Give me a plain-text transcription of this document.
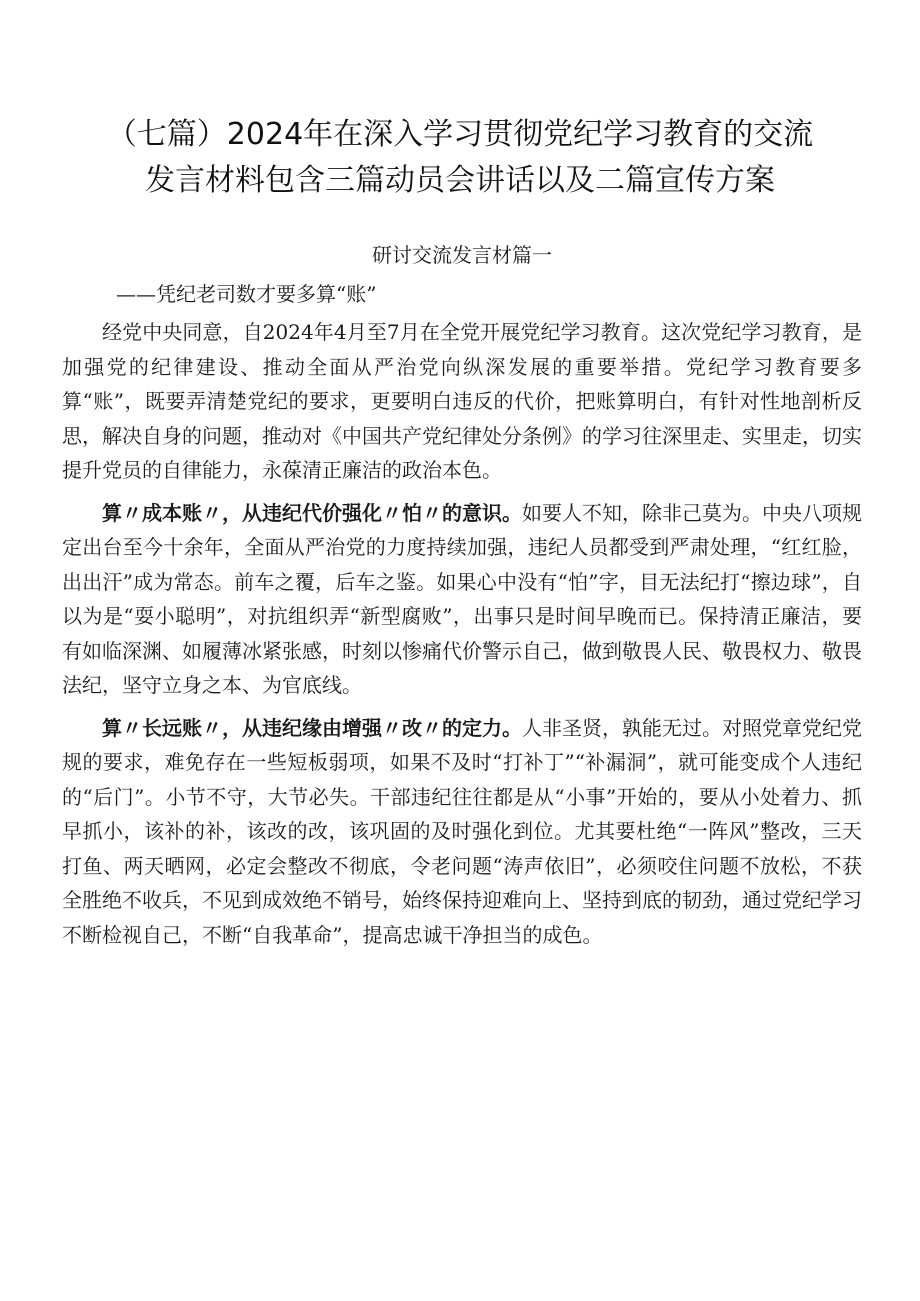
（七篇）2024年在深入学习贯彻党纪学习教育的交流
发言材料包含三篇动员会讲话以及二篇宣传方案
研讨交流发言材篇一
——凭纪老司数才要多算“账”

经党中央同意，自2024年4月至7月在全党开展党纪学习教育。这次党纪学习教育，是加强党的纪律建设、推动全面从严治党向纵深发展的重要举措。党纪学习教育要多算“账”，既要弄清楚党纪的要求，更要明白违反的代价，把账算明白，有针对性地剖析反思，解决自身的问题，推动对《中国共产党纪律处分条例》的学习往深里走、实里走，切实提升党员的自律能力，永葆清正廉洁的政治本色。

算〃成本账〃，从违纪代价强化〃怕〃的意识。如要人不知，除非己莫为。中央八项规定出台至今十余年，全面从严治党的力度持续加强，违纪人员都受到严肃处理，“红红脸，出出汗”成为常态。前车之覆，后车之鉴。如果心中没有“怕”字，目无法纪打“擦边球”，自以为是“耍小聪明”，对抗组织弄“新型腐败”，出事只是时间早晚而已。保持清正廉洁，要有如临深渊、如履薄冰紧张感，时刻以惨痛代价警示自己，做到敬畏人民、敬畏权力、敬畏法纪，坚守立身之本、为官底线。

算〃长远账〃，从违纪缘由增强〃改〃的定力。人非圣贤，孰能无过。对照党章党纪党规的要求，难免存在一些短板弱项，如果不及时“打补丁”“补漏洞”，就可能变成个人违纪的“后门”。小节不守，大节必失。干部违纪往往都是从“小事”开始的，要从小处着力、抓早抓小，该补的补，该改的改，该巩固的及时强化到位。尤其要杜绝“一阵风”整改，三天打鱼、两天晒网，必定会整改不彻底，令老问题“涛声依旧”，必须咬住问题不放松，不获全胜绝不收兵，不见到成效绝不销号，始终保持迎难向上、坚持到底的韧劲，通过党纪学习不断检视自己，不断“自我革命”，提高忠诚干净担当的成色。
